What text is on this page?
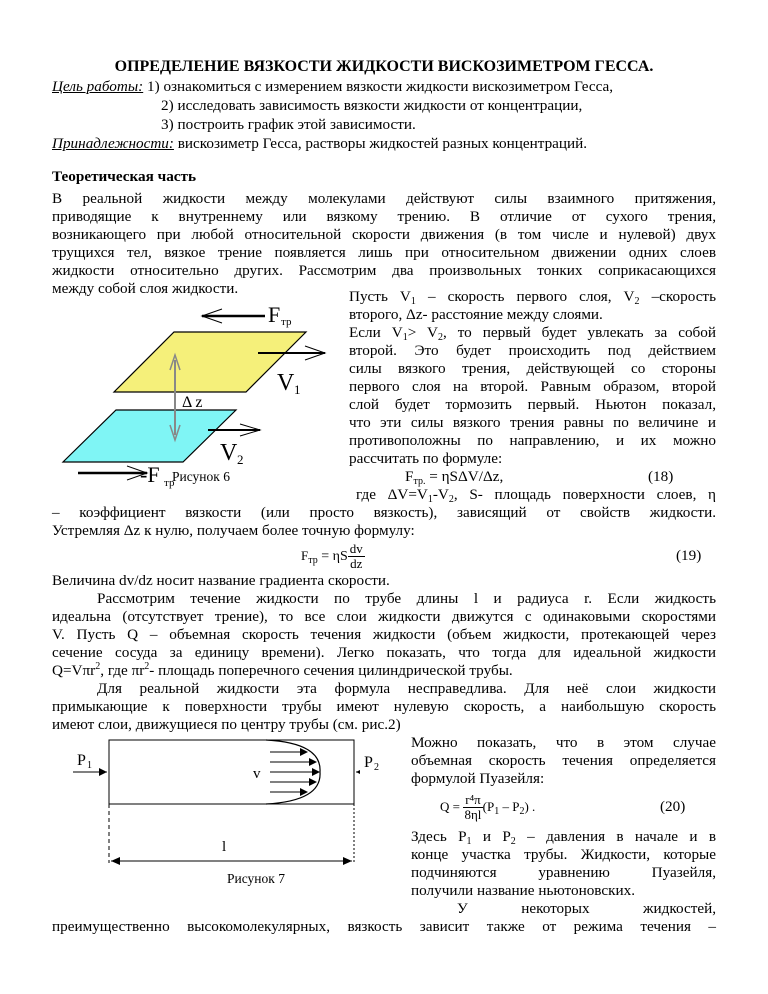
ОПРЕДЕЛЕНИЕ ВЯЗКОСТИ ЖИДКОСТИ ВИСКОЗИМЕТРОМ ГЕССА.
Цель работы: 1) ознакомиться с измерением вязкости жидкости вискозиметром Гесса,
2) исследовать зависимость вязкости жидкости от концентрации,
3) построить график этой зависимости.
Принадлежности: вискозиметр Гесса, растворы жидкостей разных концентраций.
Теоретическая часть
В реальной жидкости между молекулами действуют силы взаимного притяжения,
приводящие к внутреннему или вязкому трению. В отличие от сухого трения,
возникающего при любой относительной скорости движения (в том числе и нулевой) двух
трущихся тел, вязкое трение появляется лишь при относительном движении одних слоев
жидкости относительно других. Рассмотрим два произвольных тонких соприкасающихся
между собой слоя жидкости.
F тр
V 1
V 2
Δ z
-F тр
Рисунок 6
Пусть $V_1$ – скорость первого слоя, $V_2$ –скорость
второго, Δz- расстояние между слоями.
Если $V_1> V_2$, то первый будет увлекать за собой
второй. Это будет происходить под действием
силы вязкого трения, действующей со стороны
первого слоя на второй. Равным образом, второй
слой будет тормозить первый. Ньютон показал,
что эти силы вязкого трения равны по величине и
противоположны по направлению, и их можно
рассчитать по формуле:
$F_{тр.} = \eta S\Delta V/\Delta z$,	(18)
где $\Delta V=V_1-V_2$, S- площадь поверхности слоев, η
– коэффициент вязкости (или просто вязкость), зависящий от свойств жидкости.
Устремляя Δz к нулю, получаем более точную формулу:
$F_{тр} = \eta S \frac{dv}{dz}$	(19)
Величина dv/dz носит название градиента скорости.
Рассмотрим течение жидкости по трубе длины l и радиуса r. Если жидкость
идеальна (отсутствует трение), то все слои жидкости движутся с одинаковыми скоростями
V. Пусть Q – объемная скорость течения жидкости (объем жидкости, протекающей через
сечение сосуда за единицу времени). Легко показать, что тогда для идеальной жидкости
Q=Vπr$^2$, где $\pi r^2-$ площадь поперечного сечения цилиндрической трубы.
Для реальной жидкости эта формула несправедлива. Для неё слои жидкости
примыкающие к поверхности трубы имеют нулевую скорость, а наибольшую скорость
имеют слои, движущиеся по центру трубы (см. рис.2)
P 1
v
l
P 2
Рисунок 7
Можно показать, что в этом случае
объемная скорость течения определяется
формулой Пуазейля:
$Q = \frac{\text{r⁴π}}{8\eta l} (P_1 - P_2)$ .	(20)
Здесь $P_1$ и $P_2$ – давления в начале и в
конце участка трубы. Жидкости, которые
подчиняются уравнению Пуазейля,
получили название ньютоновских.
У некоторых жидкостей,
преимущественно высокомолекулярных, вязкость зависит также от режима течения –
